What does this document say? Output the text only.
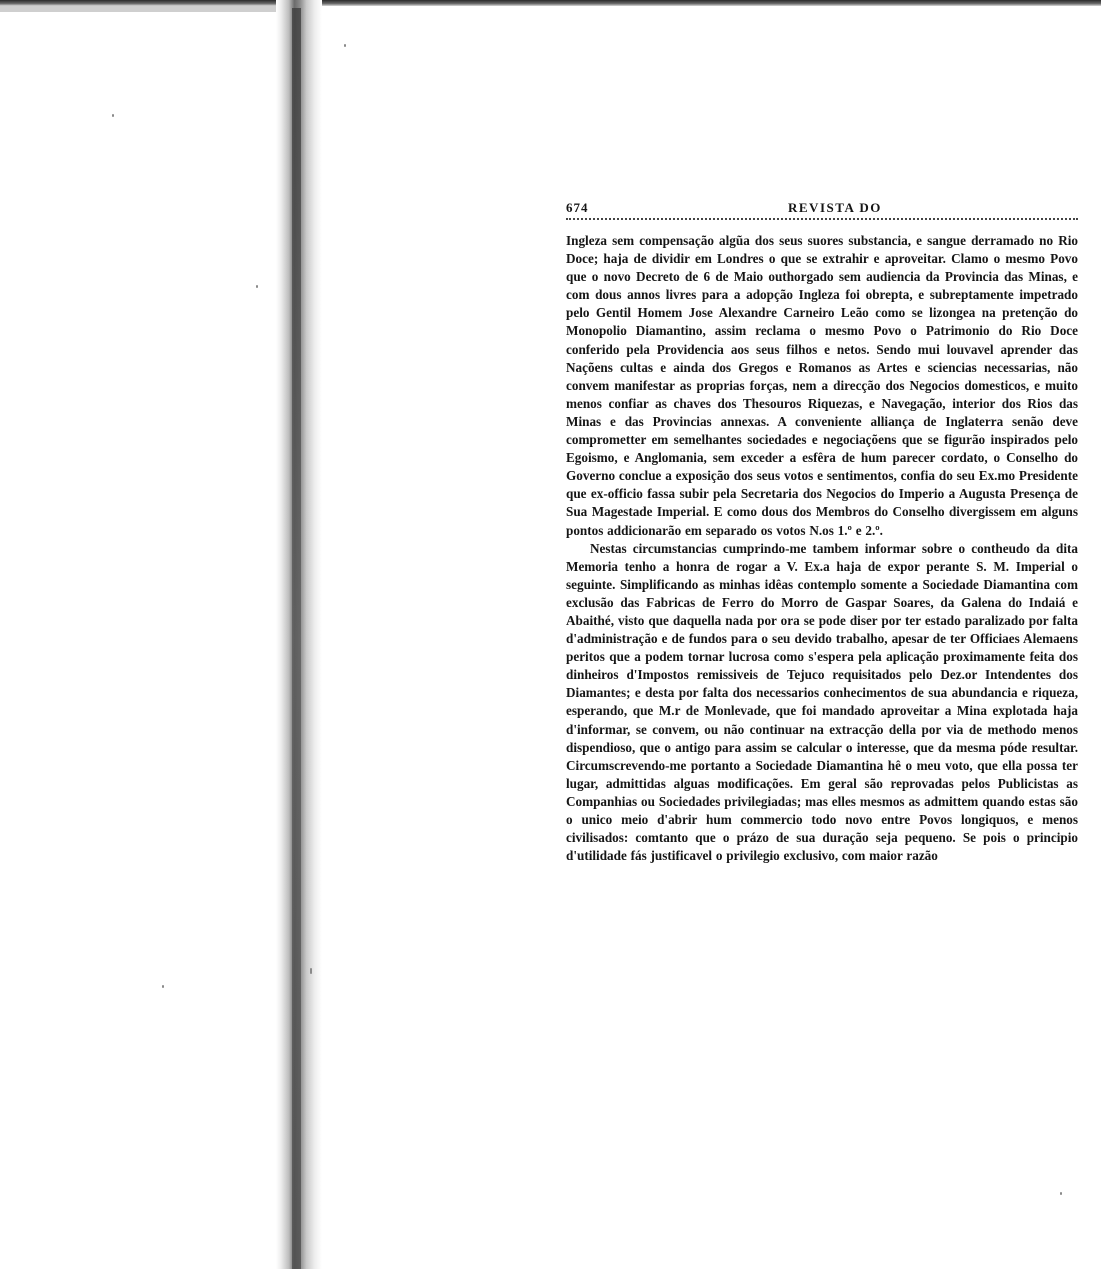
674	REVISTA DO

Ingleza sem compensação algũa dos seus suores substancia, e sangue derramado no Rio Doce; haja de dividir em Londres o que se extrahir e aproveitar. Clamo o mesmo Povo que o novo Decreto de 6 de Maio outhorgado sem audiencia da Provincia das Minas, e com dous annos livres para a adopção Ingleza foi obrepta, e subreptamente impetrado pelo Gentil Homem Jose Alexandre Carneiro Leão como se lizongea na pretenção do Monopolio Diamantino, assim reclama o mesmo Povo o Patrimonio do Rio Doce conferido pela Providencia aos seus filhos e netos. Sendo mui louvavel aprender das Naçõens cultas e ainda dos Gregos e Romanos as Artes e sciencias necessarias, não convem manifestar as proprias forças, nem a direcção dos Negocios domesticos, e muito menos confiar as chaves dos Thesouros Riquezas, e Navegação, interior dos Rios das Minas e das Provincias annexas. A conveniente alliança de Inglaterra senão deve comprometter em semelhantes sociedades e negociaçõens que se figurão inspirados pelo Egoismo, e Anglomania, sem exceder a esfêra de hum parecer cordato, o Conselho do Governo conclue a exposição dos seus votos e sentimentos, confia do seu Ex.mo Presidente que ex-officio fassa subir pela Secretaria dos Negocios do Imperio a Augusta Presença de Sua Magestade Imperial. E como dous dos Membros do Conselho divergissem em alguns pontos addicionarão em separado os votos N.os 1.º e 2.º.

Nestas circumstancias cumprindo-me tambem informar sobre o contheudo da dita Memoria tenho a honra de rogar a V. Ex.a haja de expor perante S. M. Imperial o seguinte. Simplificando as minhas idêas contemplo somente a Sociedade Diamantina com exclusão das Fabricas de Ferro do Morro de Gaspar Soares, da Galena do Indaiá e Abaithé, visto que daquella nada por ora se pode diser por ter estado paralizado por falta d'administração e de fundos para o seu devido trabalho, apesar de ter Officiaes Alemaens peritos que a podem tornar lucrosa como s'espera pela aplicação proximamente feita dos dinheiros d'Impostos remissiveis de Tejuco requisitados pelo Dez.or Intendentes dos Diamantes; e desta por falta dos necessarios conhecimentos de sua abundancia e riqueza, esperando, que M.r de Monlevade, que foi mandado aproveitar a Mina explotada haja d'informar, se convem, ou não continuar na extracção della por via de methodo menos dispendioso, que o antigo para assim se calcular o interesse, que da mesma póde resultar. Circumscrevendo-me portanto a Sociedade Diamantina hê o meu voto, que ella possa ter lugar, admittidas alguas modificações. Em geral são reprovadas pelos Publicistas as Companhias ou Sociedades privilegiadas; mas elles mesmos as admittem quando estas são o unico meio d'abrir hum commercio todo novo entre Povos longiquos, e menos civilisados: comtanto que o prázo de sua duração seja pequeno. Se pois o principio d'utilidade fás justificavel o privilegio exclusivo, com maior razão
